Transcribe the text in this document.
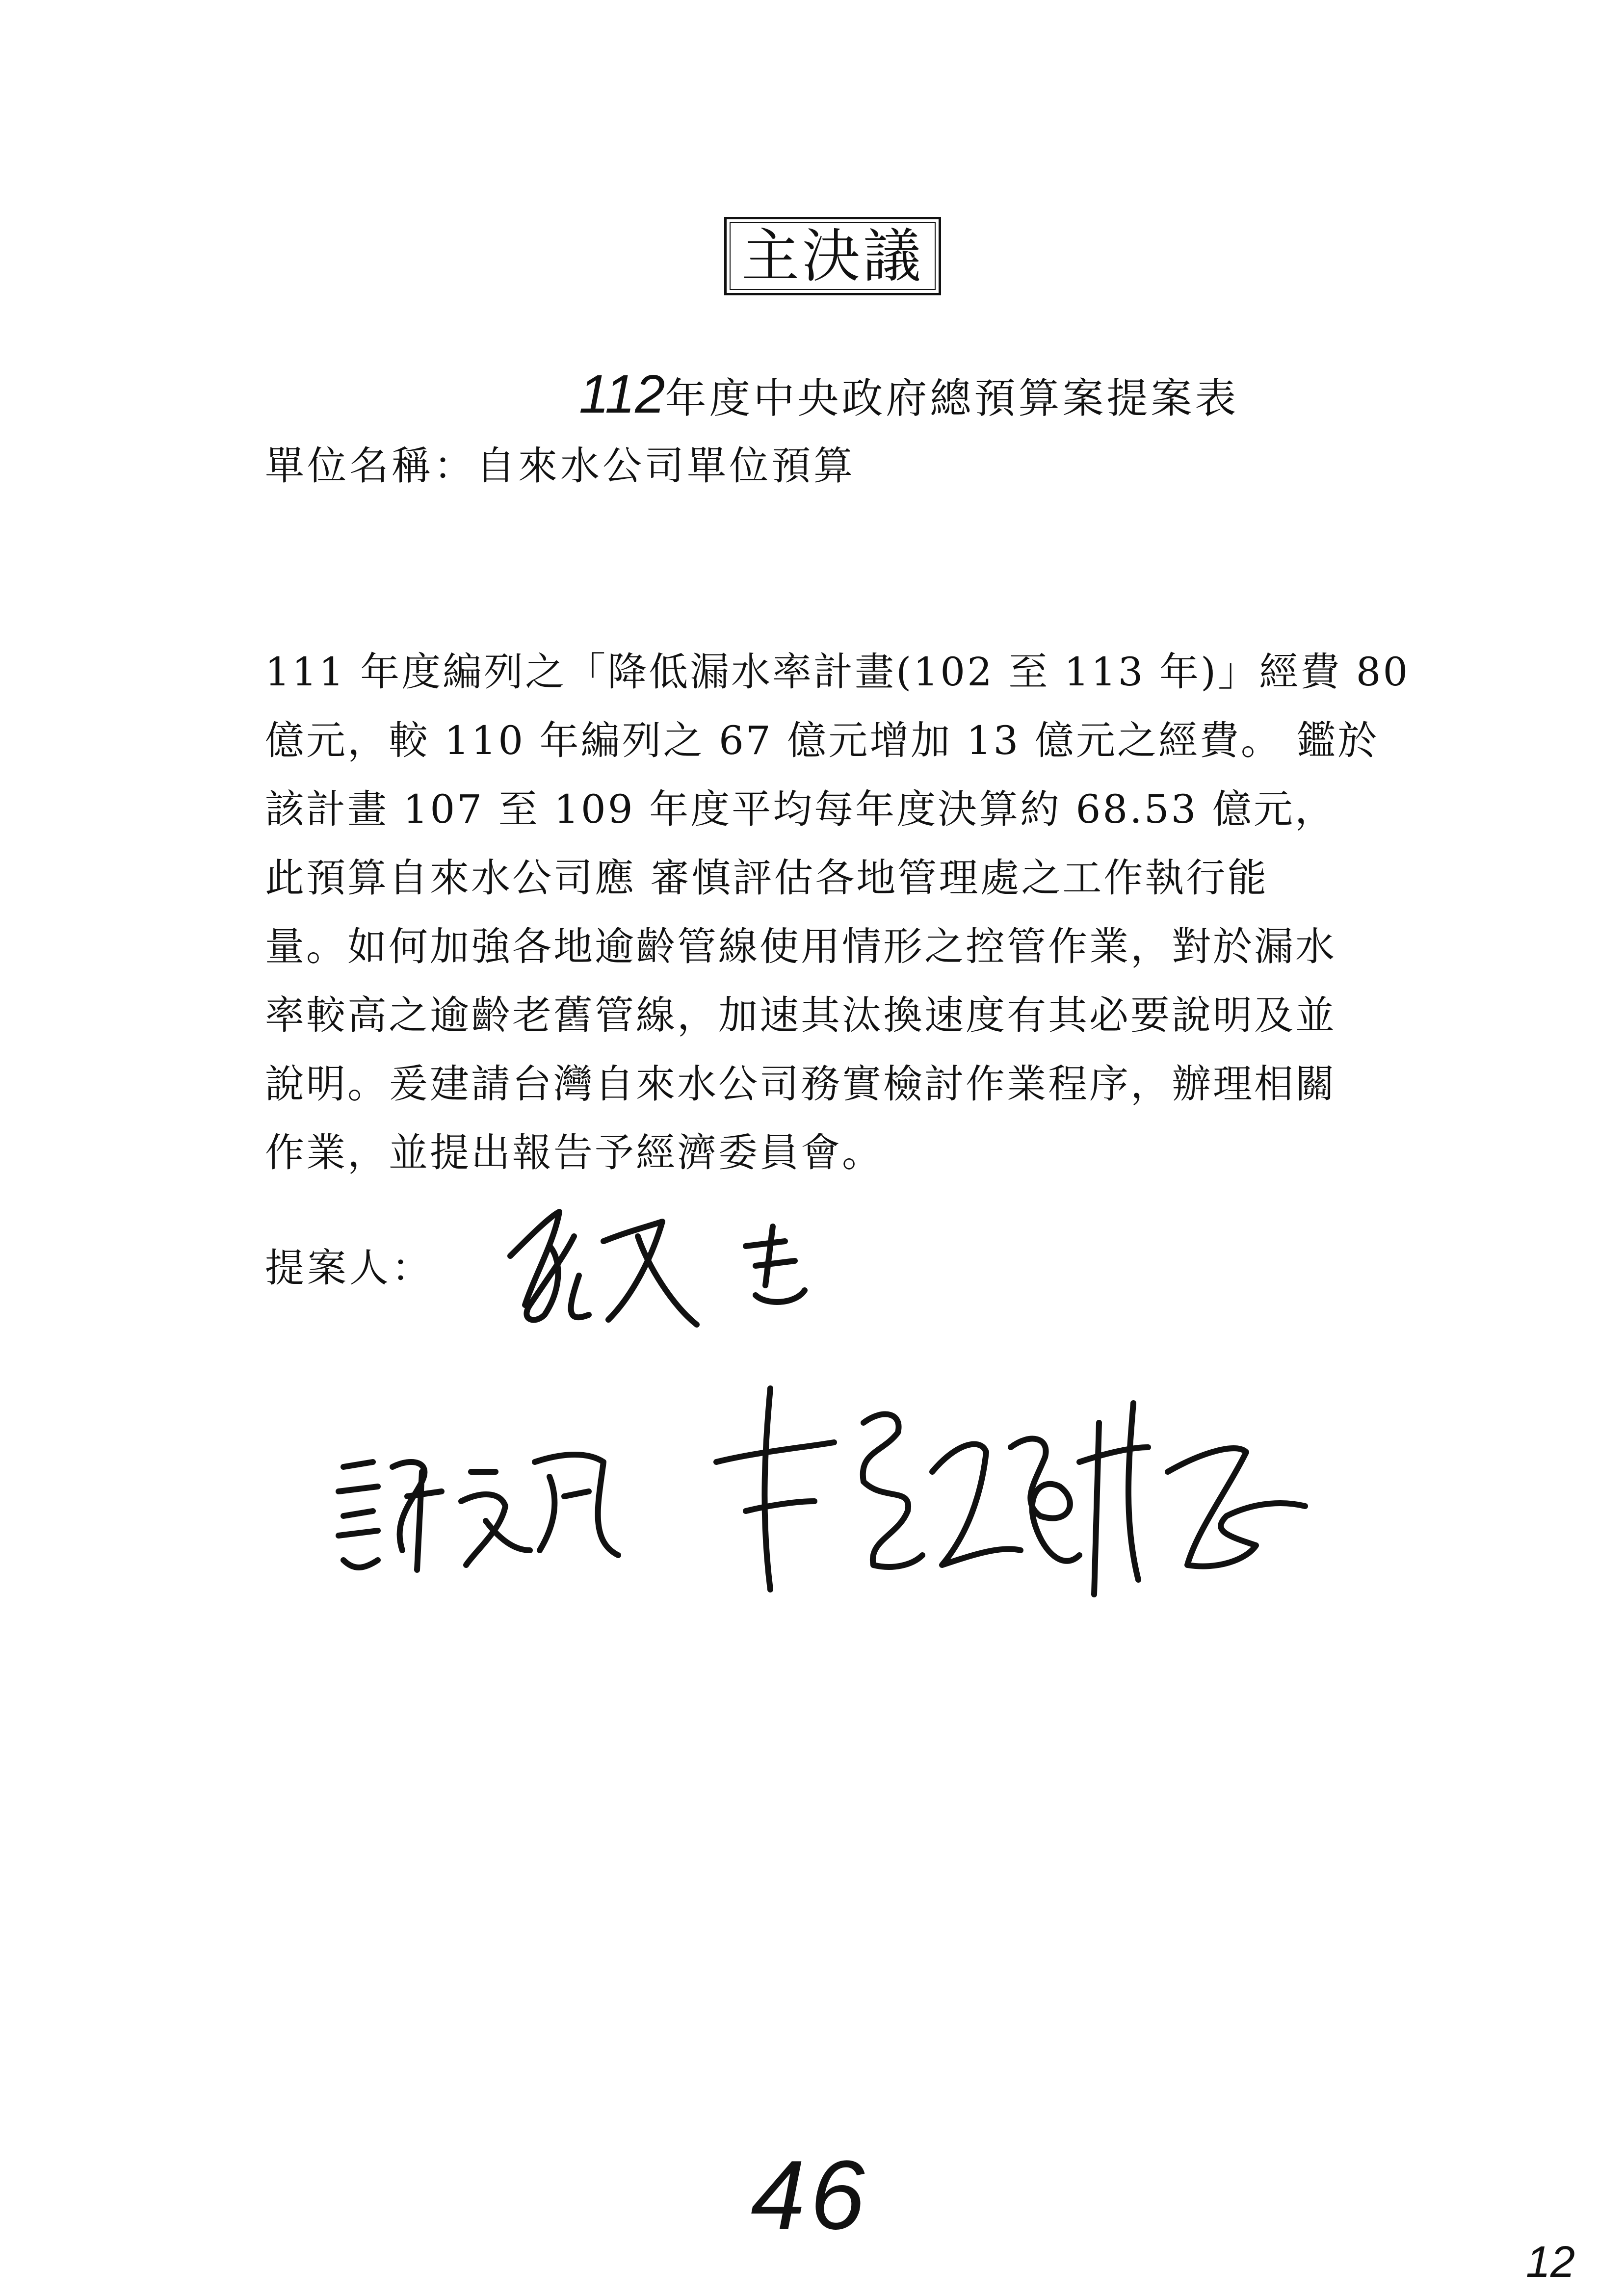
主決議
112年度中央政府總預算案提案表
單位名稱：自來水公司單位預算
111 年度編列之「降低漏水率計畫(102 至 113 年)」經費 80
億元，較 110 年編列之 67 億元增加 13 億元之經費。 鑑於
該計畫 107 至 109 年度平均每年度決算約 68.53 億元，
此預算自來水公司應 審慎評估各地管理處之工作執行能
量。如何加強各地逾齡管線使用情形之控管作業，對於漏水
率較高之逾齡老舊管線，加速其汰換速度有其必要說明及並
說明。爰建請台灣自來水公司務實檢討作業程序，辦理相關
作業，並提出報告予經濟委員會。
提案人：
46
12
